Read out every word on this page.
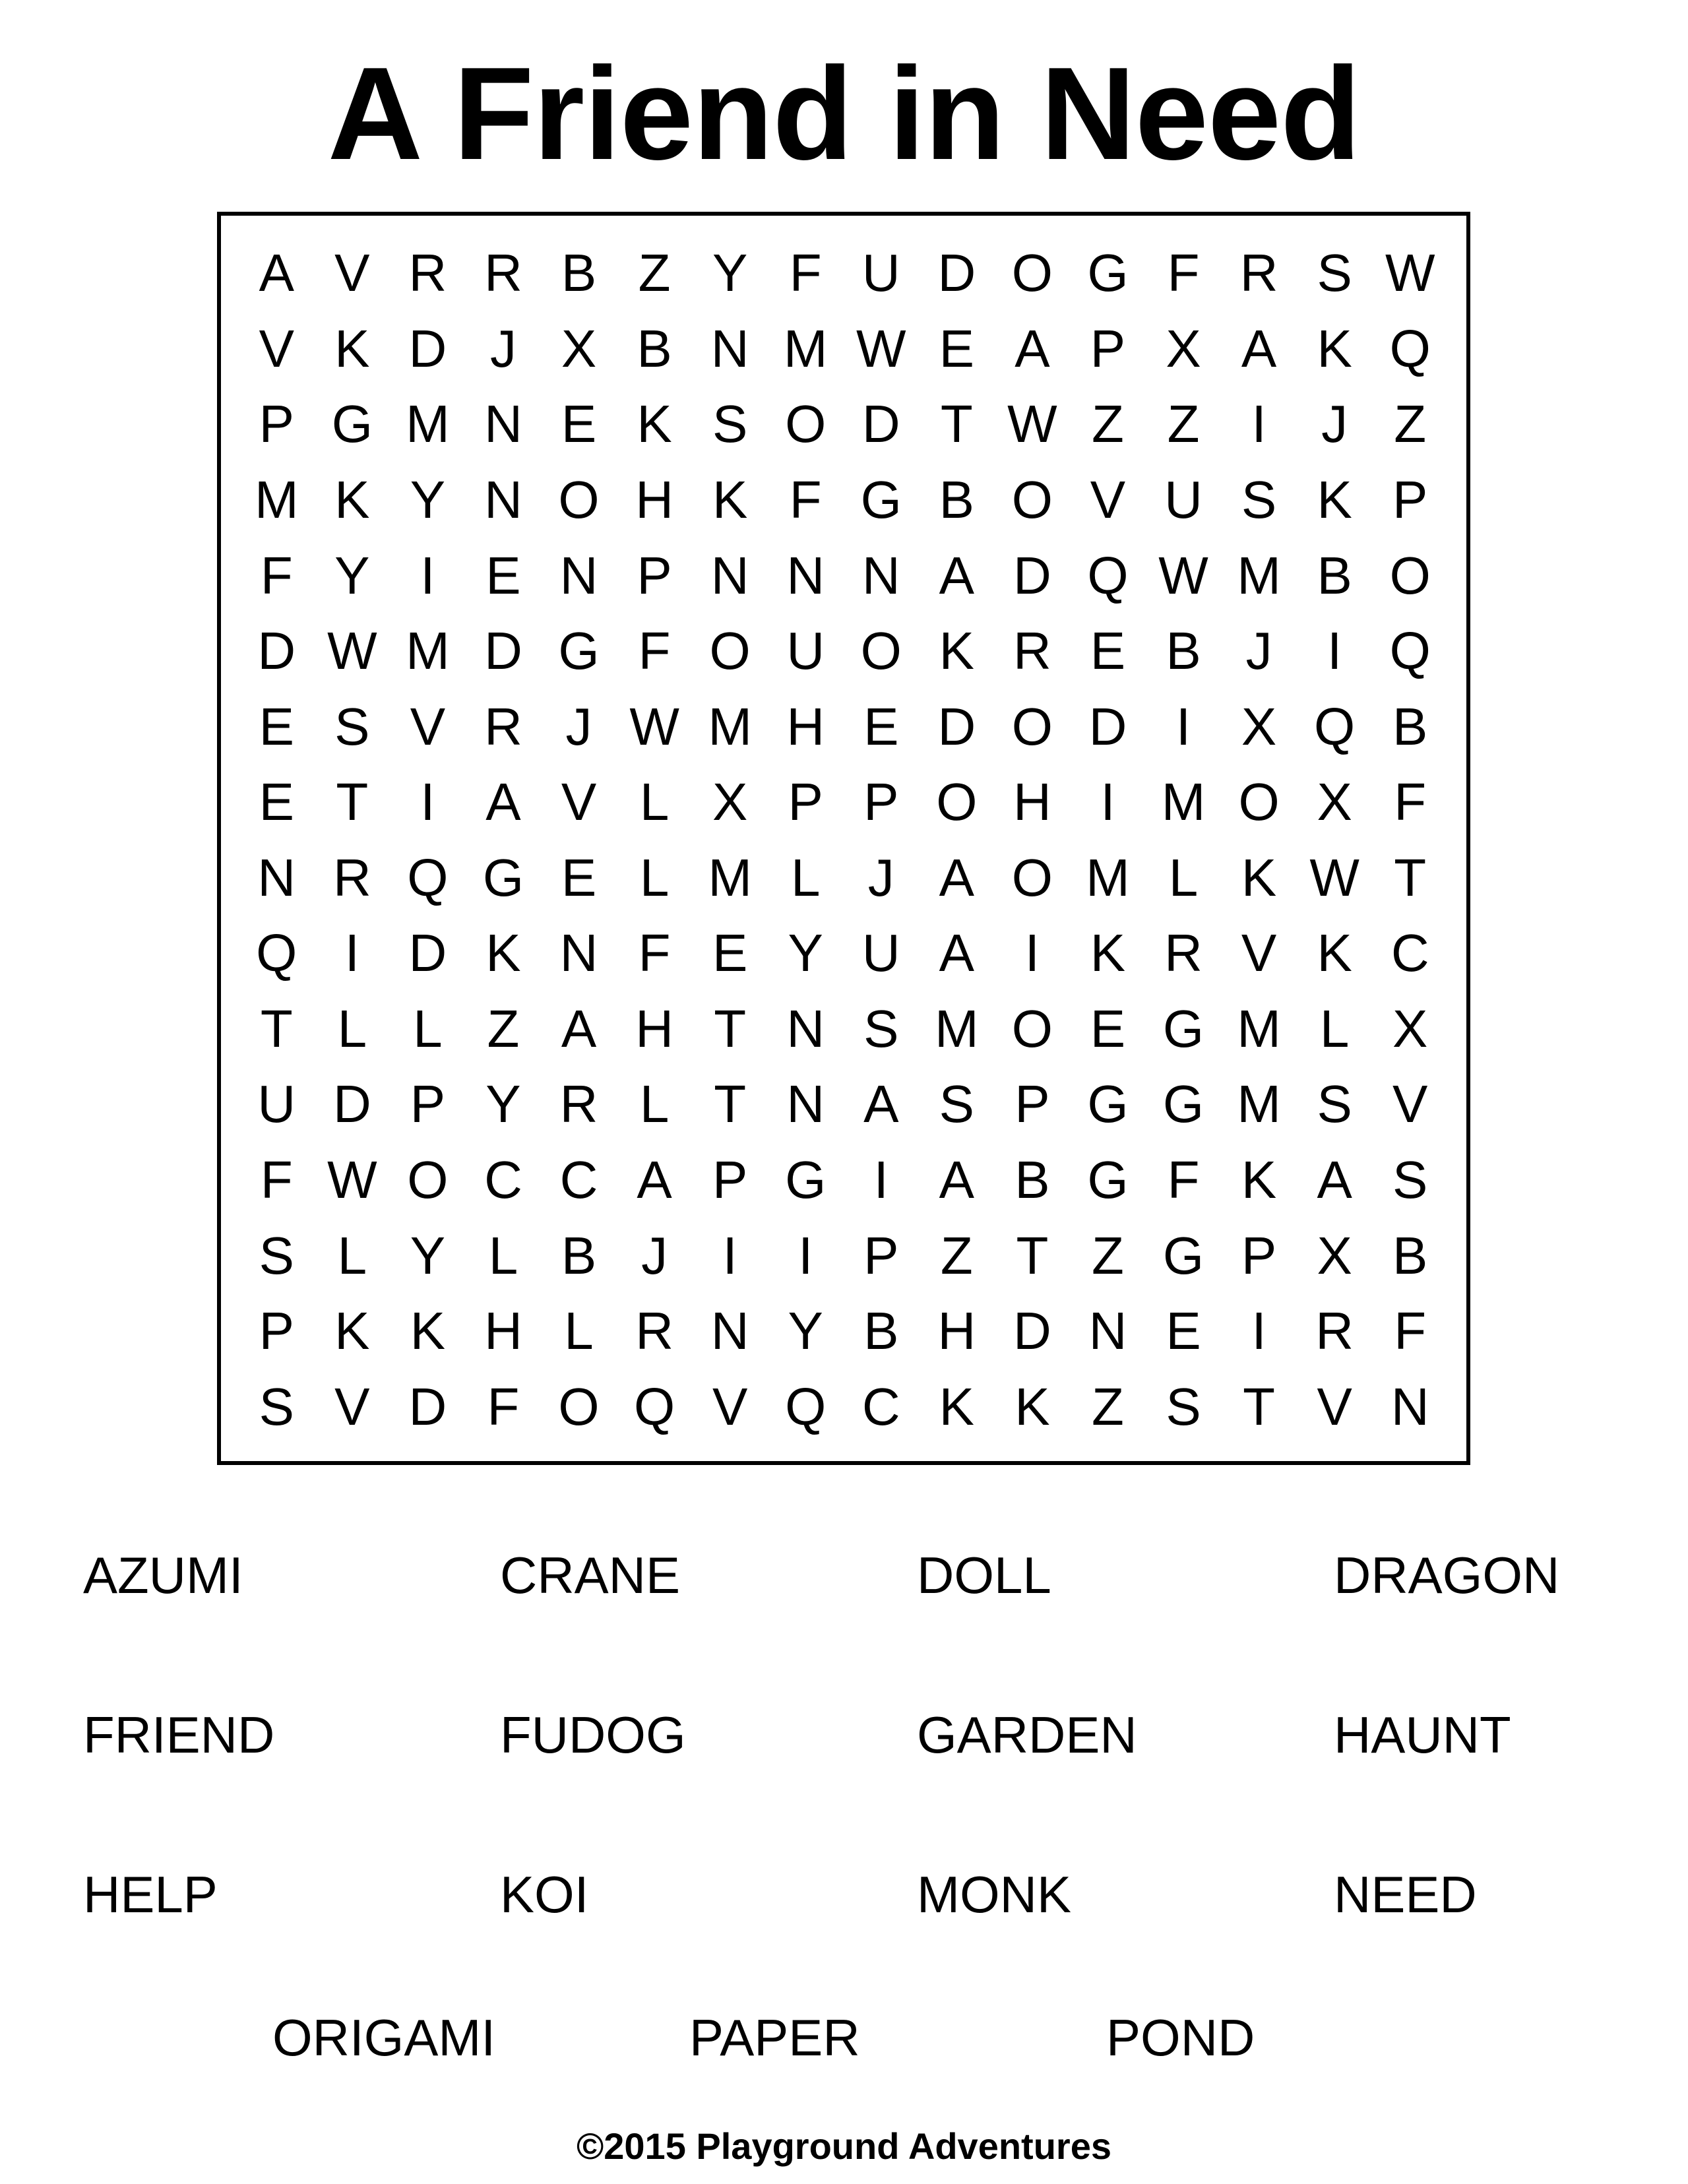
A Friend in Need
A V R R B Z Y F U D O G F R S W
V K D J X B N M W E A P X A K Q
P G M N E K S O D T W Z Z I	J Z
M K Y N O H K F G B O V U S K P
F Y I E N P N N N A D Q W M B O
D W M D G F O U O K R E B J	I Q
E S V R J W M H E D O D I X Q B
E T I A V L X P P O H I M O X F
N R Q G E L M L J A O M L K W T
Q I D K N F E Y U A I K R V K C
T L L Z A H T N S M O E G M L X
U D P Y R L T N A S P G G M S V
F W O C C A P G I A B G F K A S
S L Y L B J	I	I P Z T Z G P X B
P K K H L R N Y B H D N E I R F
S V D F O Q V Q C K K Z S T V N
AZUMI	CRANE	DOLL	DRAGON
FRIEND	FUDOG	GARDEN	HAUNT
HELP	KOI	MONK	NEED
ORIGAMI	PAPER	POND
©2015 Playground Adventures
